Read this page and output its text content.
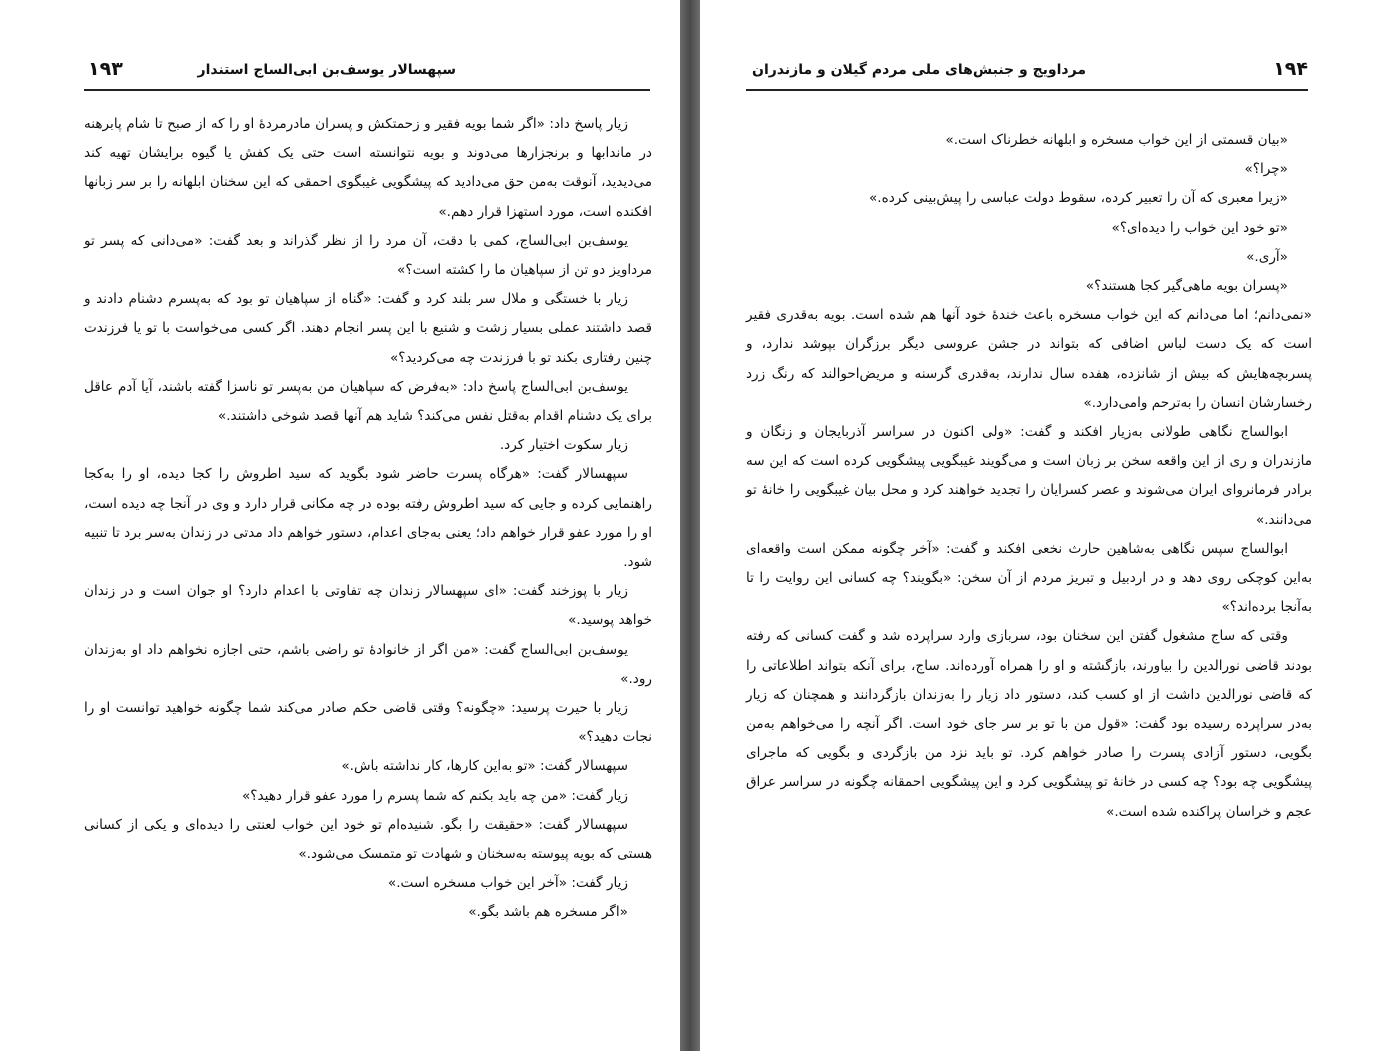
۱۹۳	سپهسالار یوسف‌بن ابی‌الساج استندار

زیار پاسخ داد: «اگر شما بویه فقیر و زحمتکش و پسران مادرمردهٔ او را که از صبح تا شام پابرهنه در ماندابها و برنجزارها می‌دوند و بویه نتوانسته است حتی یک کفش یا گیوه برایشان تهیه کند می‌دیدید، آنوقت به‌من حق می‌دادید که پیشگویی غیبگوی احمقی که این سخنان ابلهانه را بر سر زبانها افکنده است، مورد استهزا قرار دهم.»

یوسف‌بن ابی‌الساج، کمی با دقت، آن مرد را از نظر گذراند و بعد گفت: «می‌دانی که پسر تو مرداویز دو تن از سپاهیان ما را کشته است؟»

زیار با خستگی و ملال سر بلند کرد و گفت: «گناه از سپاهیان تو بود که به‌پسرم دشنام دادند و قصد داشتند عملی بسیار زشت و شنیع با این پسر انجام دهند. اگر کسی می‌خواست با تو یا فرزندت چنین رفتاری بکند تو با فرزندت چه می‌کردید؟»

یوسف‌بن ابی‌الساج پاسخ داد: «به‌فرض که سپاهیان من به‌پسر تو ناسزا گفته باشند، آیا آدم عاقل برای یک دشنام اقدام به‌قتل نفس می‌کند؟ شاید هم آنها قصد شوخی داشتند.»

زیار سکوت اختیار کرد.

سپهسالار گفت: «هرگاه پسرت حاضر شود بگوید که سید اطروش را کجا دیده، او را به‌کجا راهنمایی کرده و جایی که سید اطروش رفته بوده در چه مکانی قرار دارد و وی در آنجا چه دیده است، او را مورد عفو قرار خواهم داد؛ یعنی به‌جای اعدام، دستور خواهم داد مدتی در زندان به‌سر برد تا تنبیه شود.

زیار با پوزخند گفت: «ای سپهسالار زندان چه تفاوتی با اعدام دارد؟ او جوان است و در زندان خواهد پوسید.»

یوسف‌بن ابی‌الساج گفت: «من اگر از خانوادهٔ تو راضی باشم، حتی اجازه نخواهم داد او به‌زندان رود.»

زیار با حیرت پرسید: «چگونه؟ وقتی قاضی حکم صادر می‌کند شما چگونه خواهید توانست او را نجات دهید؟»

سپهسالار گفت: «تو به‌این کارها، کار نداشته باش.»

زیار گفت: «من چه باید بکنم که شما پسرم را مورد عفو قرار دهید؟»

سپهسالار گفت: «حقیقت را بگو. شنیده‌ام تو خود این خواب لعنتی را دیده‌ای و یکی از کسانی هستی که بویه پیوسته به‌سخنان و شهادت تو متمسک می‌شود.»

زیار گفت: «آخر این خواب مسخره است.»

«اگر مسخره هم باشد بگو.»

۱۹۴
مرداویج و جنبش‌های ملی مردم گیلان و مازندران

«بیان قسمتی از این خواب مسخره و ابلهانه خطرناک است.»

«چرا؟»

«زیرا معبری که آن را تعبیر کرده، سقوط دولت عباسی را پیش‌بینی کرده.»

«تو خود این خواب را دیده‌ای؟»

«آری.»

«پسران بویه ماهی‌گیر کجا هستند؟»

«نمی‌دانم؛ اما می‌دانم که این خواب مسخره باعث خندهٔ خود آنها هم شده است. بویه به‌قدری فقیر است که یک دست لباس اضافی که بتواند در جشن عروسی دیگر برزگران بپوشد ندارد، و پسربچه‌هایش که بیش از شانزده، هفده سال ندارند، به‌قدری گرسنه و مریض‌احوالند که رنگ زرد رخسارشان انسان را به‌ترحم وامی‌دارد.»

ابوالساج نگاهی طولانی به‌زیار افکند و گفت: «ولی اکنون در سراسر آذربایجان و زنگان و مازندران و ری از این واقعه سخن بر زبان است و می‌گویند غیبگویی پیشگویی کرده است که این سه برادر فرمانروای ایران می‌شوند و عصر کسرایان را تجدید خواهند کرد و محل بیان غیبگویی را خانهٔ تو می‌دانند.»

ابوالساج سپس نگاهی به‌شاهین حارث نخعی افکند و گفت: «آخر چگونه ممکن است واقعه‌ای به‌این کوچکی روی دهد و در اردبیل و تبریز مردم از آن سخن: «بگویند؟ چه کسانی این روایت را تا به‌آنجا برده‌اند؟»

وقتی که ساج مشغول گفتن این سخنان بود، سربازی وارد سراپرده شد و گفت کسانی که رفته بودند قاضی نورالدین را بیاورند، بازگشته و او را همراه آورده‌اند. ساج، برای آنکه بتواند اطلاعاتی را که قاضی نورالدین داشت از او کسب کند، دستور داد زیار را به‌زندان بازگردانند و همچنان که زیار به‌در سراپرده رسیده بود گفت: «قول من با تو بر سر جای خود است. اگر آنچه را می‌خواهم به‌من بگویی، دستور آزادی پسرت را صادر خواهم کرد. تو باید نزد من بازگردی و بگویی که ماجرای پیشگویی چه بود؟ چه کسی در خانهٔ تو پیشگویی کرد و این پیشگویی احمقانه چگونه در سراسر عراق عجم و خراسان پراکنده شده است.»
